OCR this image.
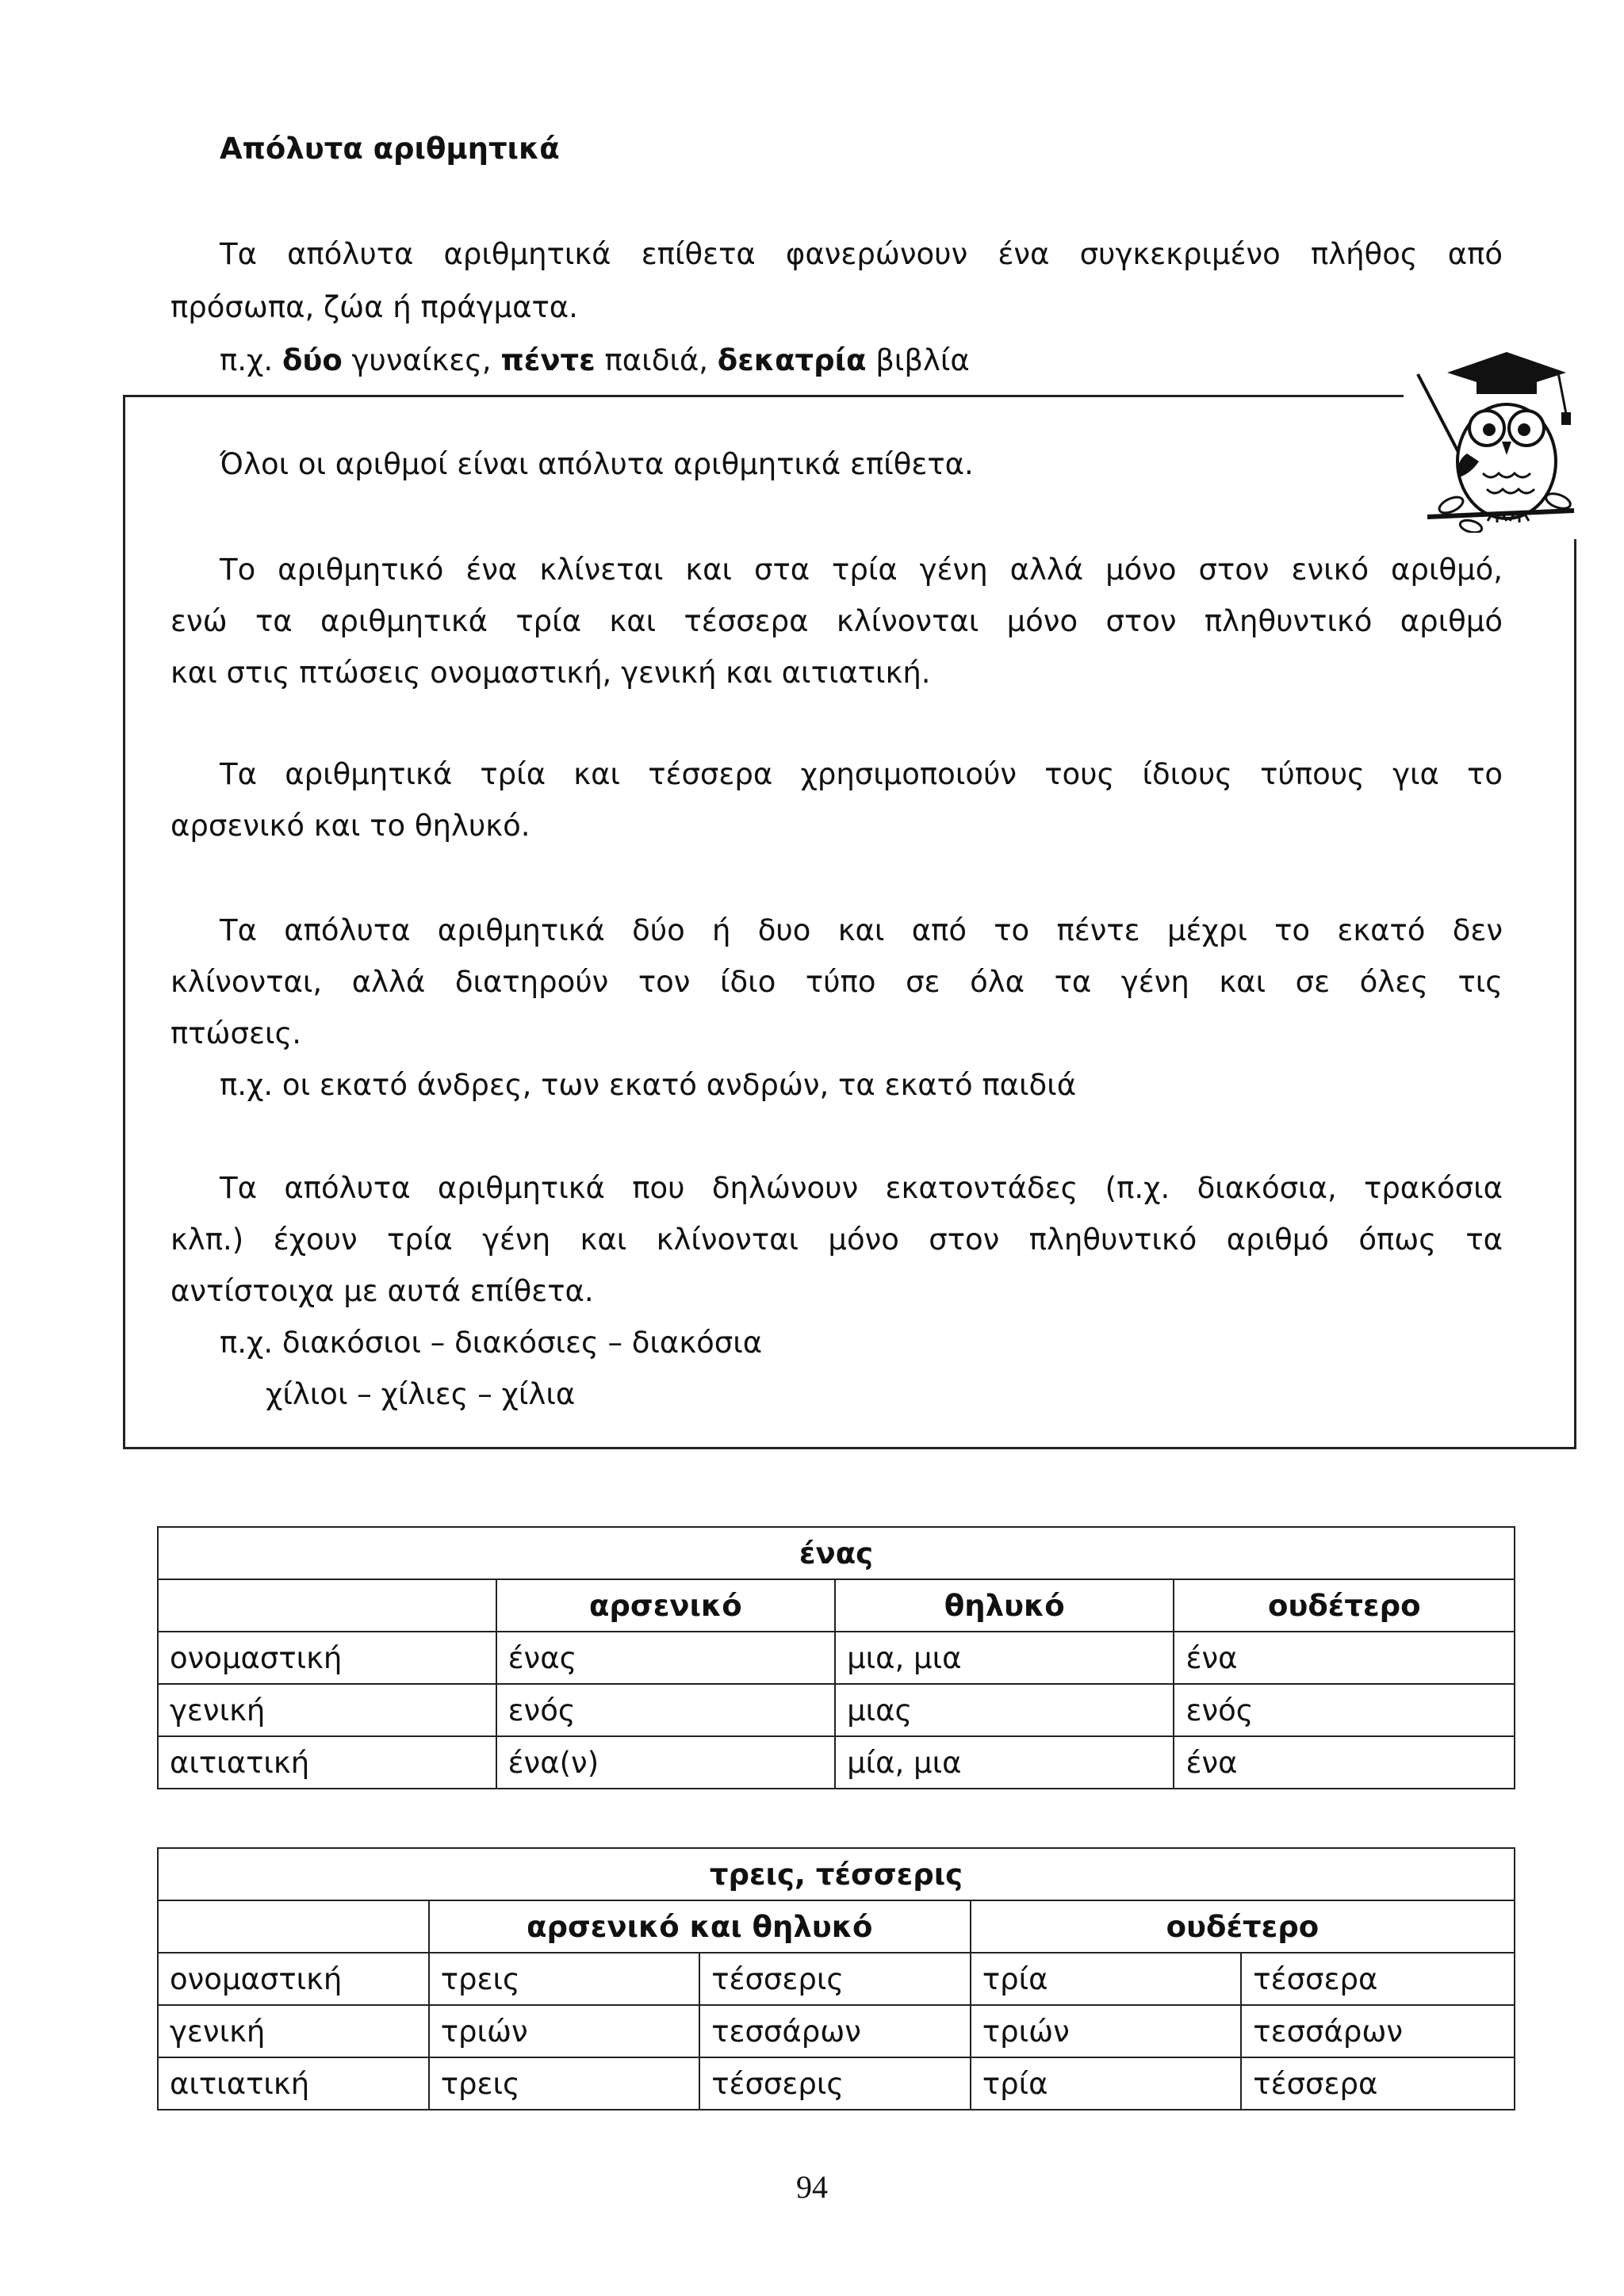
Απόλυτα αριθμητικά
Τα απόλυτα αριθμητικά επίθετα φανερώνουν ένα συγκεκριμένο πλήθος από
πρόσωπα, ζώα ή πράγματα.
π.χ. δύο γυναίκες, πέντε παιδιά, δεκατρία βιβλία
Όλοι οι αριθμοί είναι απόλυτα αριθμητικά επίθετα.
Το αριθμητικό ένα κλίνεται και στα τρία γένη αλλά μόνο στον ενικό αριθμό,
ενώ τα αριθμητικά τρία και τέσσερα κλίνονται μόνο στον πληθυντικό αριθμό
και στις πτώσεις ονομαστική, γενική και αιτιατική.
Τα αριθμητικά τρία και τέσσερα χρησιμοποιούν τους ίδιους τύπους για το
αρσενικό και το θηλυκό.
Τα απόλυτα αριθμητικά δύο ή δυο και από το πέντε μέχρι το εκατό δεν
κλίνονται, αλλά διατηρούν τον ίδιο τύπο σε όλα τα γένη και σε όλες τις
πτώσεις.
π.χ. οι εκατό άνδρες, των εκατό ανδρών, τα εκατό παιδιά
Τα απόλυτα αριθμητικά που δηλώνουν εκατοντάδες (π.χ. διακόσια, τρακόσια
κλπ.) έχουν τρία γένη και κλίνονται μόνο στον πληθυντικό αριθμό όπως τα
αντίστοιχα με αυτά επίθετα.
π.χ. διακόσιοι – διακόσιες – διακόσια
χίλιοι – χίλιες – χίλια
ένας			
	αρσενικό	θηλυκό	ουδέτερο
ονομαστική	ένας	μια, μια	ένα
γενική	ενός	μιας	ενός
αιτιατική	ένα(ν)	μία, μια	ένα
τρεις, τέσσερις				
	αρσενικό και θηλυκό		ουδέτερο	
ονομαστική	τρεις	τέσσερις	τρία	τέσσερα
γενική	τριών	τεσσάρων	τριών	τεσσάρων
αιτιατική	τρεις	τέσσερις	τρία	τέσσερα
94
